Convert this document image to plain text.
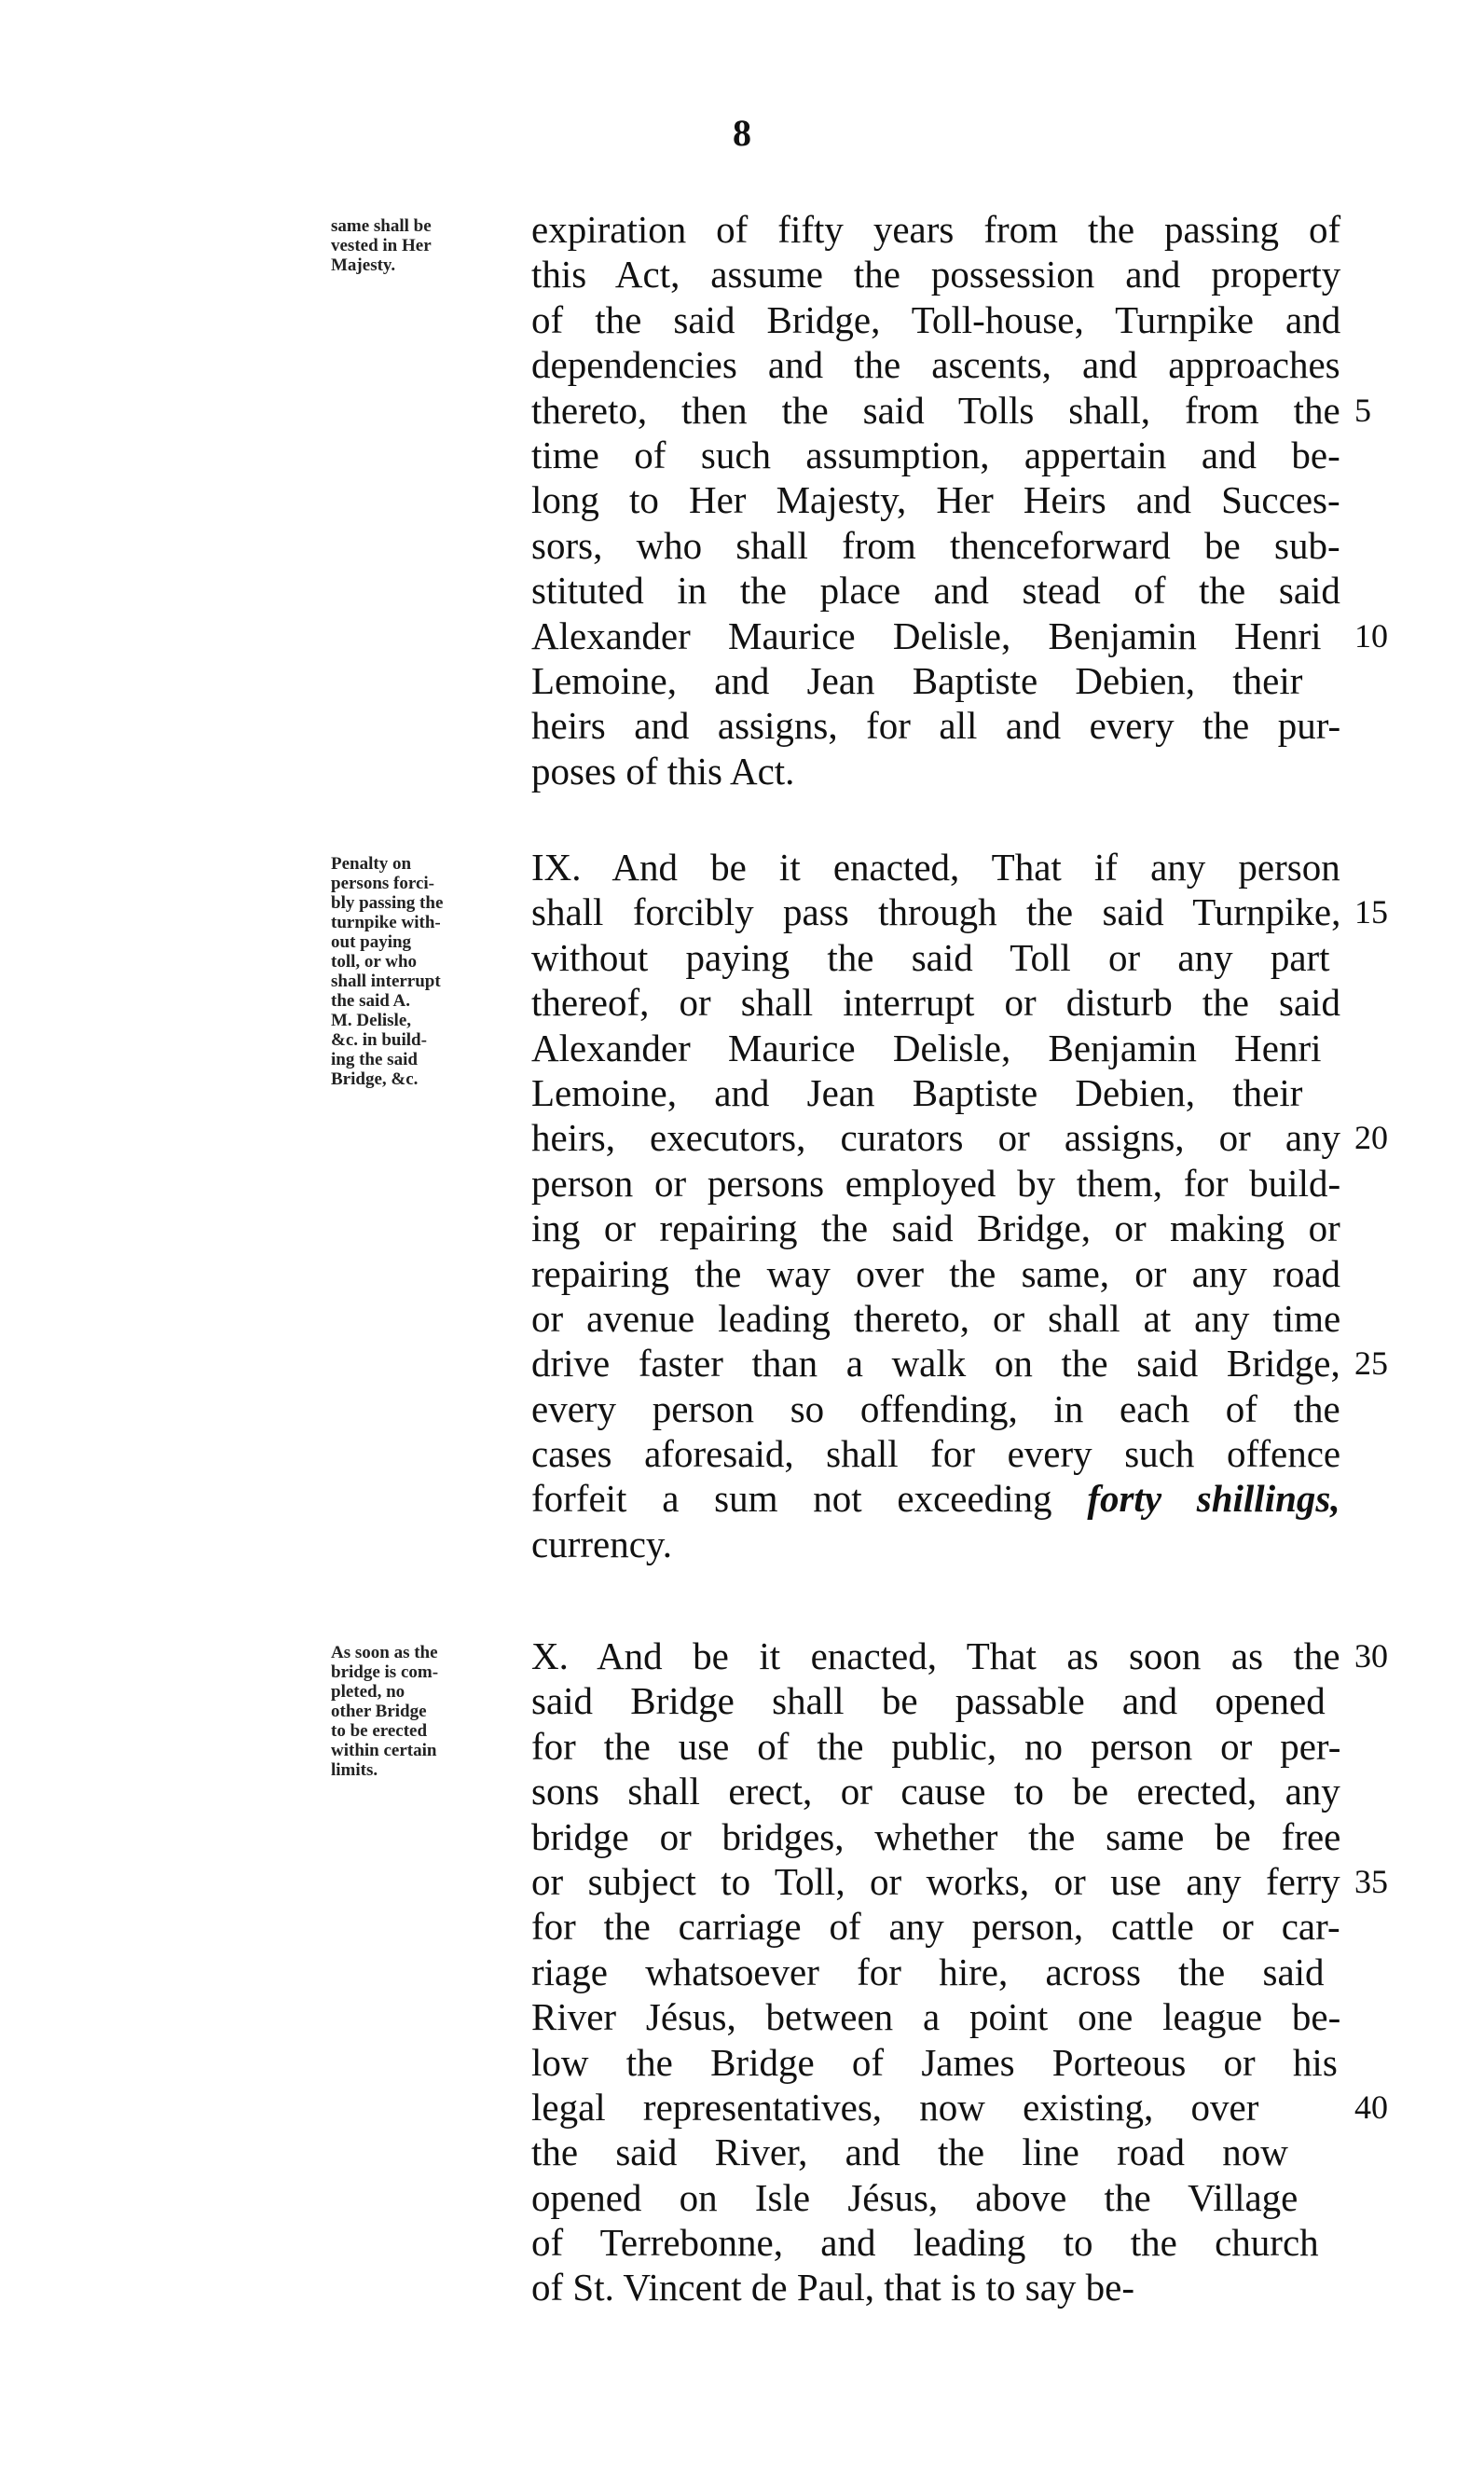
8
same shall be
vested in Her
Majesty.
expiration of fifty years from the passing of
this Act, assume the possession and property
of the said Bridge, Toll-house, Turnpike and
dependencies and the ascents, and approaches
thereto, then the said Tolls shall, from the 5
time of such assumption, appertain and be-
long to Her Majesty, Her Heirs and Succes-
sors, who shall from thenceforward be sub-
stituted in the place and stead of the said
Alexander Maurice Delisle, Benjamin Henri 10
Lemoine, and Jean Baptiste Debien, their
heirs and assigns, for all and every the pur-
poses of this Act.
Penalty on
persons forci-
bly passing the
turnpike with-
out paying
toll, or who
shall interrupt
the said A.
M. Delisle,
&c. in build-
ing the said
Bridge, &c.
IX. And be it enacted, That if any person
shall forcibly pass through the said Turnpike, 15
without paying the said Toll or any part
thereof, or shall interrupt or disturb the said
Alexander Maurice Delisle, Benjamin Henri
Lemoine, and Jean Baptiste Debien, their
heirs, executors, curators or assigns, or any 20
person or persons employed by them, for build-
ing or repairing the said Bridge, or making or
repairing the way over the same, or any road
or avenue leading thereto, or shall at any time
drive faster than a walk on the said Bridge, 25
every person so offending, in each of the
cases aforesaid, shall for every such offence
forfeit a sum not exceeding forty shillings,
currency.
As soon as the
bridge is com-
pleted, no
other Bridge
to be erected
within certain
limits.
X. And be it enacted, That as soon as the 30
said Bridge shall be passable and opened
for the use of the public, no person or per-
sons shall erect, or cause to be erected, any
bridge or bridges, whether the same be free
or subject to Toll, or works, or use any ferry 35
for the carriage of any person, cattle or car-
riage whatsoever for hire, across the said
River Jésus, between a point one league be-
low the Bridge of James Porteous or his
legal representatives, now existing, over	40
the said River, and the line road now
opened on Isle Jésus, above the Village
of Terrebonne, and leading to the church
of St. Vincent de Paul, that is to say be-
